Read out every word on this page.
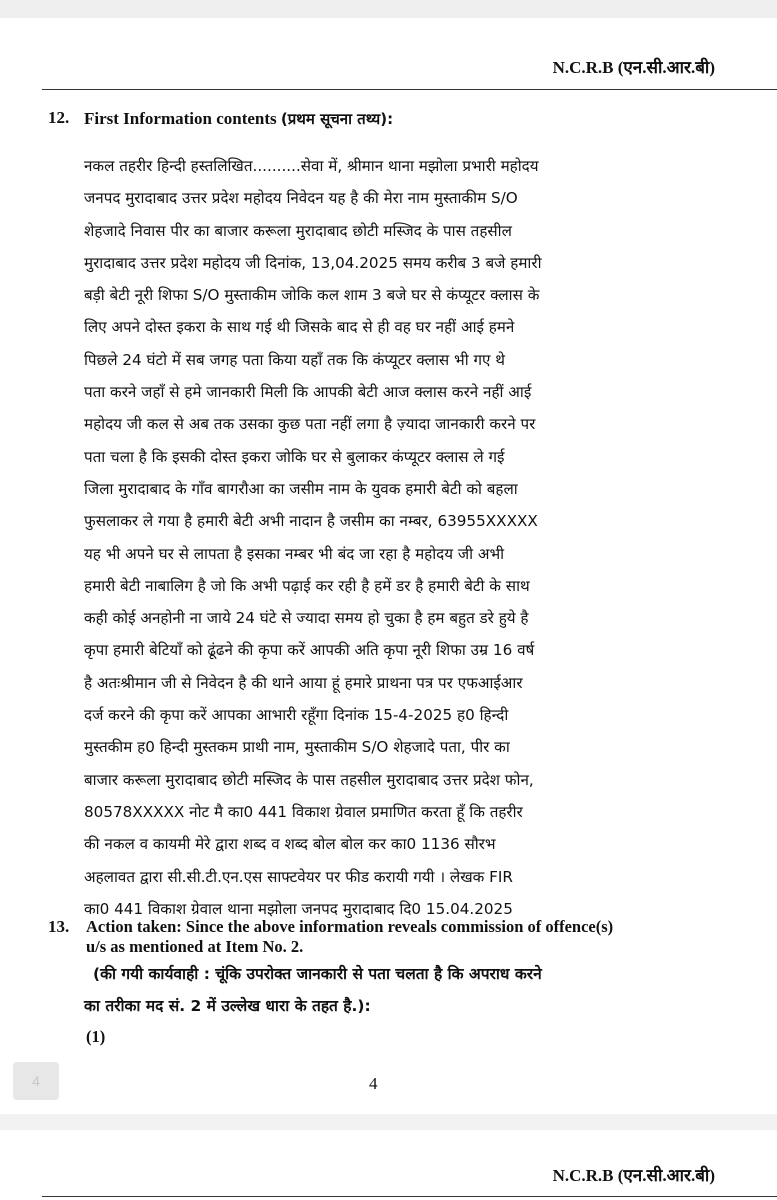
N.C.R.B (एन.सी.आर.बी)
12. First Information contents (प्रथम सूचना तथ्य):
नकल तहरीर हिन्दी हस्तलिखित..........सेवा में, श्रीमान थाना मझोला प्रभारी महोदय
जनपद मुरादाबाद उत्तर प्रदेश महोदय निवेदन यह है की मेरा नाम मुस्ताकीम S/O
शेहजादे निवास पीर का बाजार करूला मुरादाबाद छोटी मस्जिद के पास तहसील
मुरादाबाद उत्तर प्रदेश महोदय जी दिनांक, 13,04.2025 समय करीब 3 बजे हमारी
बड़ी बेटी नूरी शिफा S/O मुस्ताकीम जोकि कल शाम 3 बजे घर से कंप्यूटर क्लास के
लिए अपने दोस्त इकरा के साथ गई थी जिसके बाद से ही वह घर नहीं आई हमने
पिछले 24 घंटो में सब जगह पता किया यहाँ तक कि कंप्यूटर क्लास भी गए थे
पता करने जहाँ से हमे जानकारी मिली कि आपकी बेटी आज क्लास करने नहीं आई
महोदय जी कल से अब तक उसका कुछ पता नहीं लगा है ज़्यादा जानकारी करने पर
पता चला है कि इसकी दोस्त इकरा जोकि घर से बुलाकर कंप्यूटर क्लास ले गई
जिला मुरादाबाद के गाँव बागरौआ का जसीम नाम के युवक हमारी बेटी को बहला
फुसलाकर ले गया है हमारी बेटी अभी नादान है जसीम का नम्बर, 63955XXXXX
यह भी अपने घर से लापता है इसका नम्बर भी बंद जा रहा है महोदय जी अभी
हमारी बेटी नाबालिग है जो कि अभी पढ़ाई कर रही है हमें डर है हमारी बेटी के साथ
कही कोई अनहोनी ना जाये 24 घंटे से ज्यादा समय हो चुका है हम बहुत डरे हुये है
कृपा हमारी बेटियाँ को ढूंढने की कृपा करें आपकी अति कृपा नूरी शिफा उम्र 16 वर्ष
है अतःश्रीमान जी से निवेदन है की थाने आया हूं हमारे प्राथना पत्र पर एफआईआर
दर्ज करने की कृपा करें आपका आभारी रहूँगा दिनांक 15-4-2025 ह0 हिन्दी
मुस्तकीम ह0 हिन्दी मुस्तकम प्राथी नाम, मुस्ताकीम S/O शेहजादे पता, पीर का
बाजार करूला मुरादाबाद छोटी मस्जिद के पास तहसील मुरादाबाद उत्तर प्रदेश फोन,
80578XXXXX नोट मै का0 441 विकाश ग्रेवाल प्रमाणित करता हूँ कि तहरीर
की नकल व कायमी मेरे द्वारा शब्द व शब्द बोल बोल कर का0 1136 सौरभ
अहलावत द्वारा सी.सी.टी.एन.एस साफ्टवेयर पर फीड करायी गयी । लेखक FIR
का0 441 विकाश ग्रेवाल थाना मझोला जनपद मुरादाबाद दि0 15.04.2025
13. Action taken: Since the above information reveals commission of offence(s)
u/s as mentioned at Item No. 2.
(की गयी कार्यवाही : चूंकि उपरोक्त जानकारी से पता चलता है कि अपराध करने
का तरीका मद सं. 2 में उल्लेख धारा के तहत है.):
(1)
4	4
N.C.R.B (एन.सी.आर.बी)
